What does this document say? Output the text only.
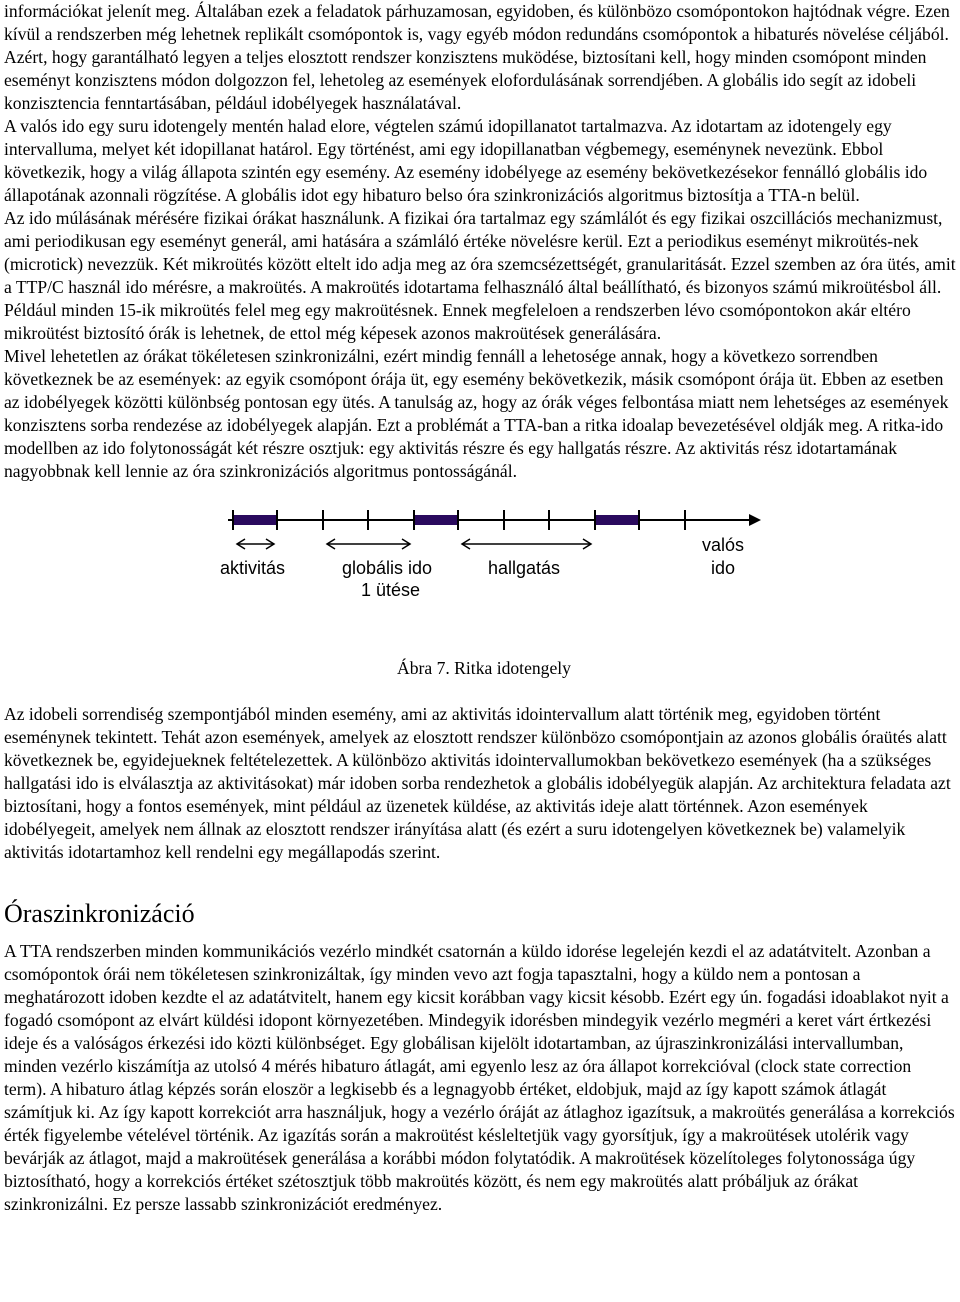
információkat jelenít meg. Általában ezek a feladatok párhuzamosan, egyidoben, és különbözo csomópontokon hajtódnak végre. Ezen kívül a rendszerben még lehetnek replikált csomópontok is, vagy egyéb módon redundáns csomópontok a hibaturés növelése céljából. Azért, hogy garantálható legyen a teljes elosztott rendszer konzisztens muködése, biztosítani kell, hogy minden csomópont minden eseményt konzisztens módon dolgozzon fel, lehetoleg az események elofordulásának sorrendjében. A globális ido segít az idobeli konzisztencia fenntartásában, például idobélyegek használatával.

A valós ido egy suru idotengely mentén halad elore, végtelen számú idopillanatot tartalmazva. Az idotartam az idotengely egy intervalluma, melyet két idopillanat határol. Egy történést, ami egy idopillanatban végbemegy, eseménynek nevezünk. Ebbol következik, hogy a világ állapota szintén egy esemény. Az esemény idobélyege az esemény bekövetkezésekor fennálló globális ido állapotának azonnali rögzítése. A globális idot egy hibaturo belso óra szinkronizációs algoritmus biztosítja a TTA-n belül.

Az ido múlásának mérésére fizikai órákat használunk. A fizikai óra tartalmaz egy számlálót és egy fizikai oszcillációs mechanizmust, ami periodikusan egy eseményt generál, ami hatására a számláló értéke növelésre kerül. Ezt a periodikus eseményt mikroütés-nek (microtick) nevezzük. Két mikroütés között eltelt ido adja meg az óra szemcsézettségét, granularitását. Ezzel szemben az óra ütés, amit a TTP/C használ ido mérésre, a makroütés. A makroütés idotartama felhasználó által beállítható, és bizonyos számú mikroütésbol áll. Például minden 15-ik mikroütés felel meg egy makroütésnek. Ennek megfeleloen a rendszerben lévo csomópontokon akár eltéro mikroütést biztosító órák is lehetnek, de ettol még képesek azonos makroütések generálására.

Mivel lehetetlen az órákat tökéletesen szinkronizálni, ezért mindig fennáll a lehetosége annak, hogy a következo sorrendben következnek be az események: az egyik csomópont órája üt, egy esemény bekövetkezik, másik csomópont órája üt. Ebben az esetben az idobélyegek közötti különbség pontosan egy ütés. A tanulság az, hogy az órák véges felbontása miatt nem lehetséges az események konzisztens sorba rendezése az idobélyegek alapján. Ezt a problémát a TTA-ban a ritka idoalap bevezetésével oldják meg. A ritka-ido modellben az ido folytonosságát két részre osztjuk: egy aktivitás részre és egy hallgatás részre. Az aktivitás rész idotartamának nagyobbnak kell lennie az óra szinkronizációs algoritmus pontosságánál.

aktivitás	globális ido
1 ütése
hallgatás
valós
ido
Ábra 7. Ritka idotengely

Az idobeli sorrendiség szempontjából minden esemény, ami az aktivitás idointervallum alatt történik meg, egyidoben történt eseménynek tekintett. Tehát azon események, amelyek az elosztott rendszer különbözo csomópontjain az azonos globális óraütés alatt következnek be, egyidejueknek feltételezettek. A különbözo aktivitás idointervallumokban bekövetkezo események (ha a szükséges hallgatási ido is elválasztja az aktivitásokat) már idoben sorba rendezhetok a globális idobélyegük alapján. Az architektura feladata azt biztosítani, hogy a fontos események, mint például az üzenetek küldése, az aktivitás ideje alatt történnek. Azon események idobélyegeit, amelyek nem állnak az elosztott rendszer irányítása alatt (és ezért a suru idotengelyen következnek be) valamelyik aktivitás idotartamhoz kell rendelni egy megállapodás szerint.

Óraszinkronizáció

A TTA rendszerben minden kommunikációs vezérlo mindkét csatornán a küldo idorése legelején kezdi el az adatátvitelt. Azonban a csomópontok órái nem tökéletesen szinkronizáltak, így minden vevo azt fogja tapasztalni, hogy a küldo nem a pontosan a meghatározott idoben kezdte el az adatátvitelt, hanem egy kicsit korábban vagy kicsit késobb. Ezért egy ún. fogadási idoablakot nyit a fogadó csomópont az elvárt küldési idopont környezetében. Mindegyik idorésben mindegyik vezérlo megméri a keret várt értkezési ideje és a valóságos érkezési ido közti különbséget. Egy globálisan kijelölt idotartamban, az újraszinkronizálási intervallumban, minden vezérlo kiszámítja az utolsó 4 mérés hibaturo átlagát, ami egyenlo lesz az óra állapot korrekcióval (clock state correction term). A hibaturo átlag képzés során eloször a legkisebb és a legnagyobb értéket, eldobjuk, majd az így kapott számok átlagát számítjuk ki. Az így kapott korrekciót arra használjuk, hogy a vezérlo óráját az átlaghoz igazítsuk, a makroütés generálása a korrekciós érték figyelembe vételével történik. Az igazítás során a makroütést késleltetjük vagy gyorsítjuk, így a makroütések utolérik vagy bevárják az átlagot, majd a makroütések generálása a korábbi módon folytatódik. A makroütések közelítoleges folytonossága úgy biztosítható, hogy a korrekciós értéket szétosztjuk több makroütés között, és nem egy makroütés alatt próbáljuk az órákat szinkronizálni. Ez persze lassabb szinkronizációt eredményez.
